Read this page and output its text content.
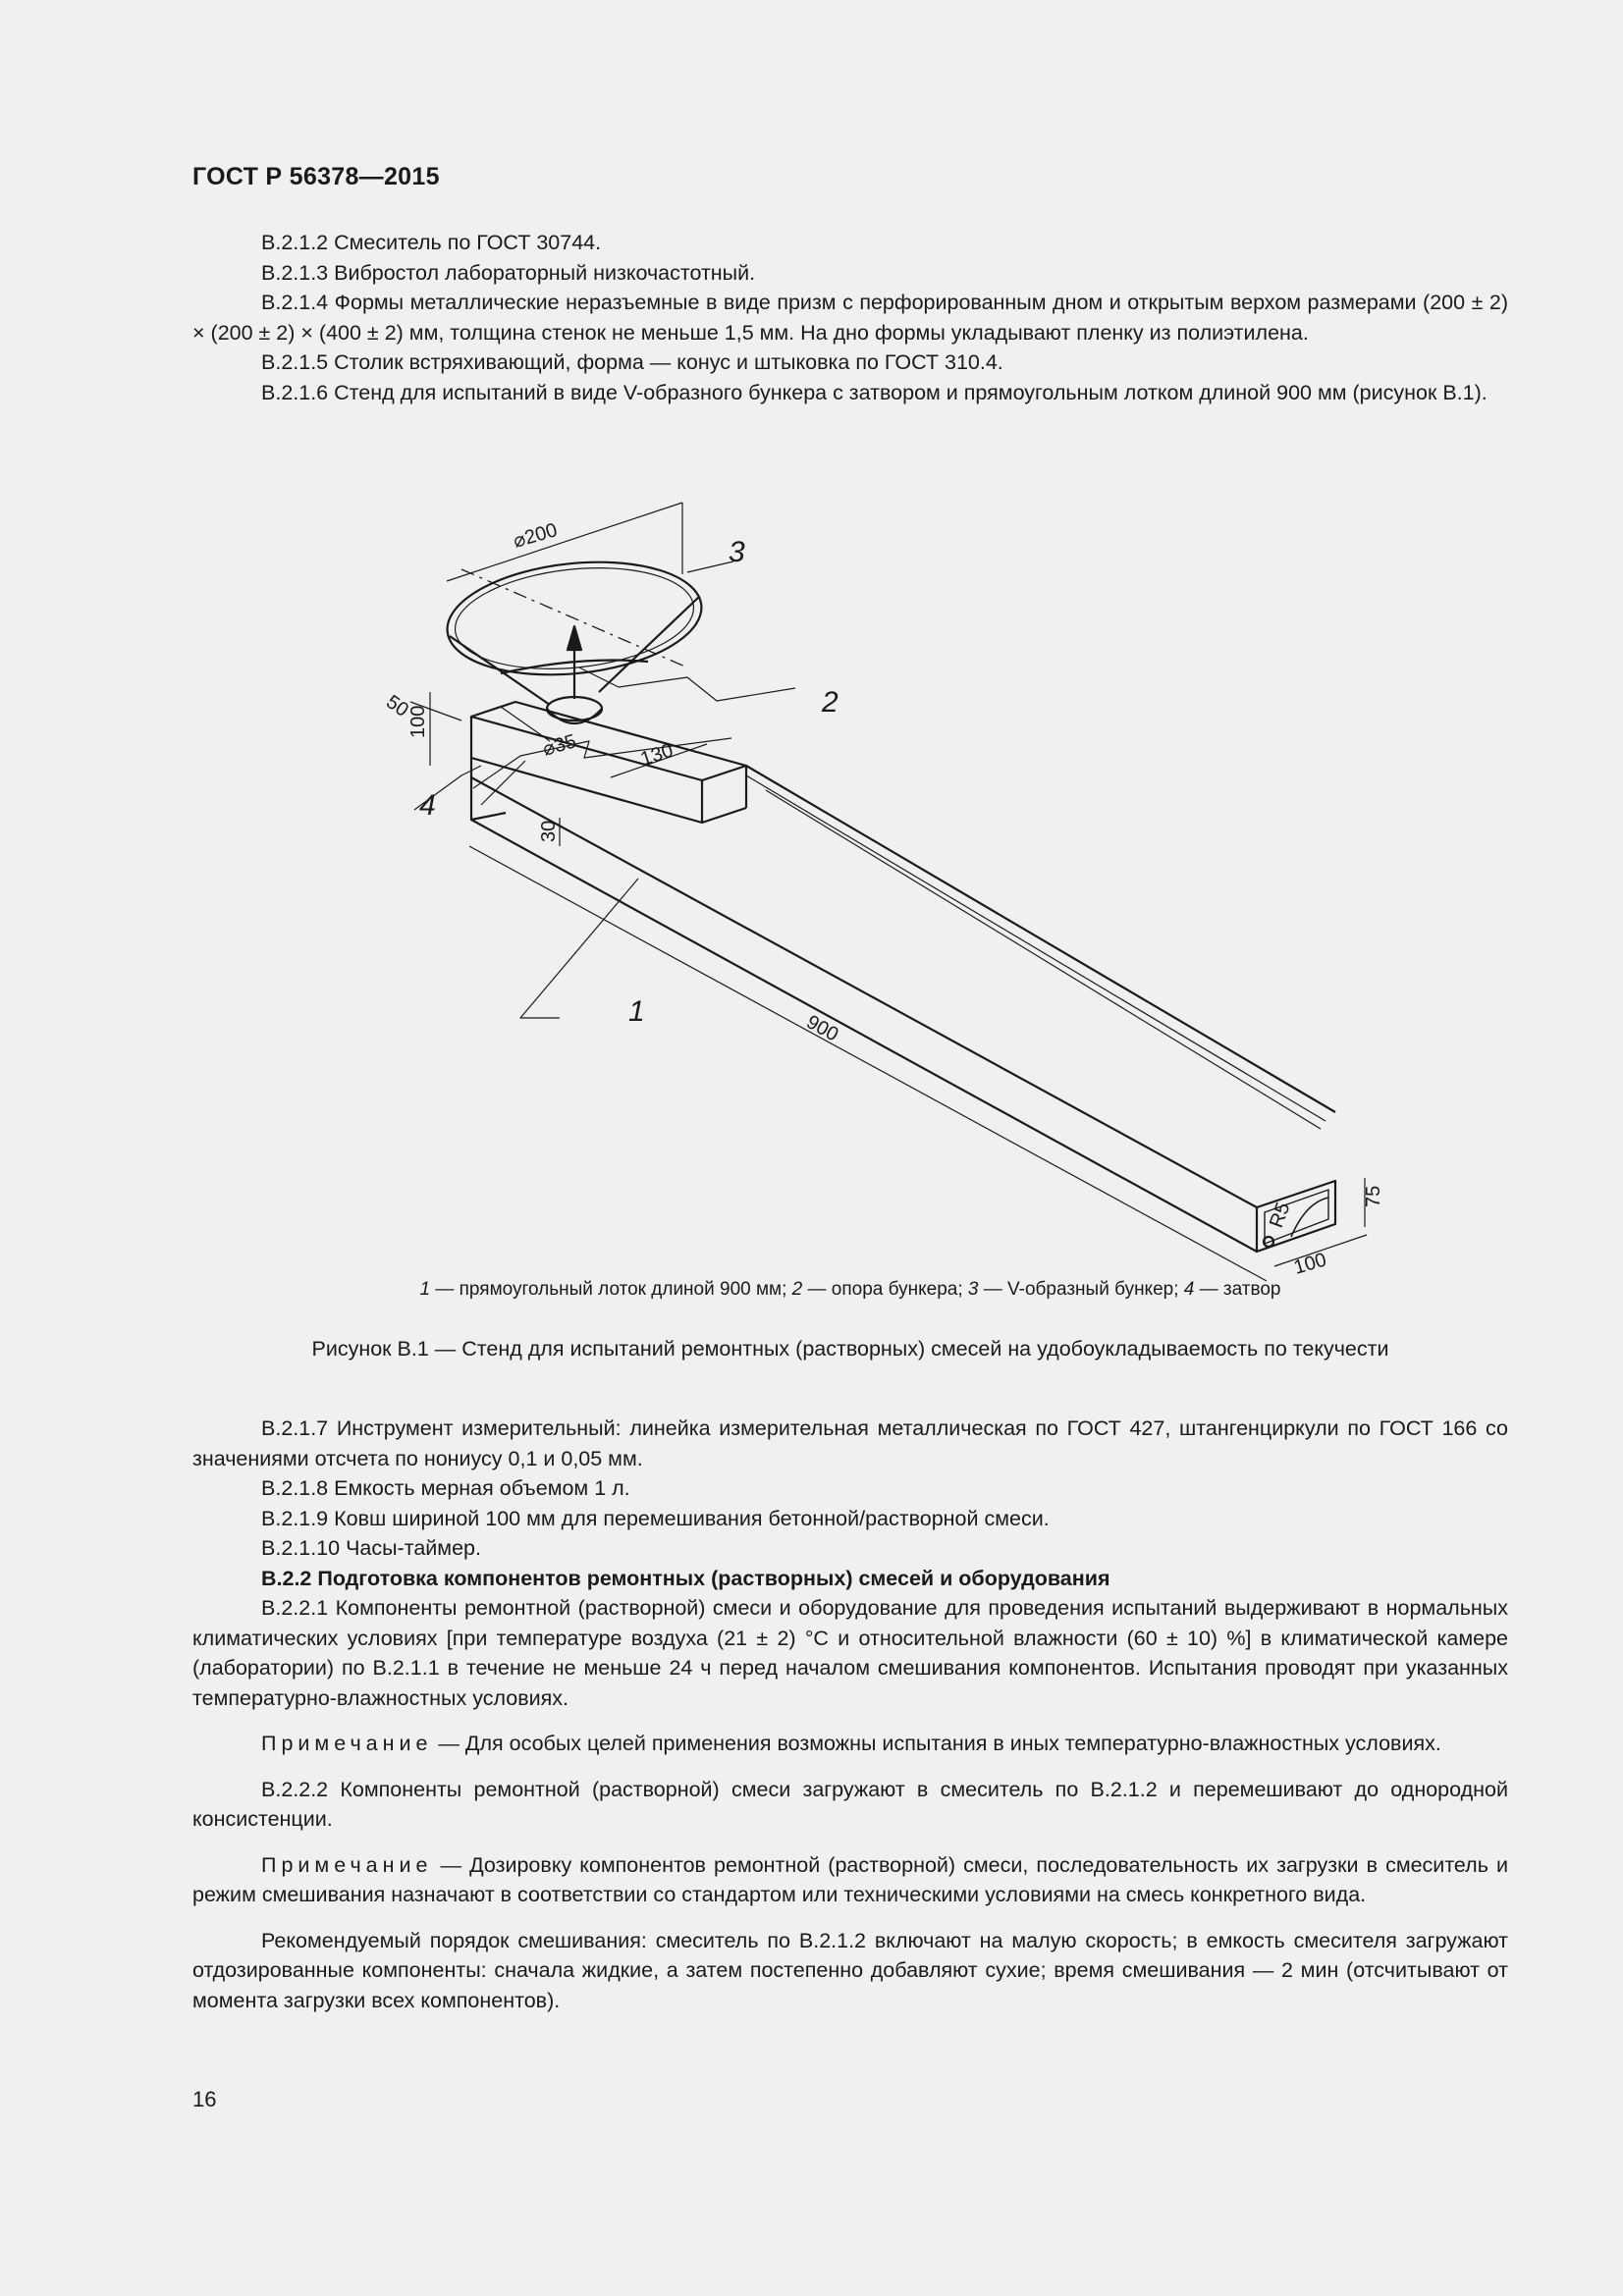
ГОСТ Р 56378—2015

В.2.1.2 Смеситель по ГОСТ 30744.

В.2.1.3 Вибростол лабораторный низкочастотный.

В.2.1.4 Формы металлические неразъемные в виде призм с перфорированным дном и открытым верхом размерами (200 ± 2) × (200 ± 2) × (400 ± 2) мм, толщина стенок не меньше 1,5 мм. На дно формы укладывают пленку из полиэтилена.

В.2.1.5 Столик встряхивающий, форма — конус и штыковка по ГОСТ 310.4.

В.2.1.6 Стенд для испытаний в виде V-образного бункера с затвором и прямоугольным лотком длиной 900 мм (рисунок В.1).

⌀200
⌀35
100
50
130
30
900
75
R5
100
3
2
4
1
1 — прямоугольный лоток длиной 900 мм; 2 — опора бункера; 3 — V-образный бункер; 4 — затвор
Рисунок В.1 — Стенд для испытаний ремонтных (растворных) смесей на удобоукладываемость по текучести

В.2.1.7 Инструмент измерительный: линейка измерительная металлическая по ГОСТ 427, штангенциркули по ГОСТ 166 со значениями отсчета по нониусу 0,1 и 0,05 мм.

В.2.1.8 Емкость мерная объемом 1 л.

В.2.1.9 Ковш шириной 100 мм для перемешивания бетонной/растворной смеси.

В.2.1.10 Часы-таймер.

В.2.2 Подготовка компонентов ремонтных (растворных) смесей и оборудования

В.2.2.1 Компоненты ремонтной (растворной) смеси и оборудование для проведения испытаний выдерживают в нормальных климатических условиях [при температуре воздуха (21 ± 2) °С и относительной влажности (60 ± 10) %] в климатической камере (лаборатории) по В.2.1.1 в течение не меньше 24 ч перед началом смешивания компонентов. Испытания проводят при указанных температурно-влажностных условиях.

Примечание — Для особых целей применения возможны испытания в иных температурно-влажностных условиях.

В.2.2.2 Компоненты ремонтной (растворной) смеси загружают в смеситель по В.2.1.2 и перемешивают до однородной консистенции.

Примечание — Дозировку компонентов ремонтной (растворной) смеси, последовательность их загрузки в смеситель и режим смешивания назначают в соответствии со стандартом или техническими условиями на смесь конкретного вида.

Рекомендуемый порядок смешивания: смеситель по В.2.1.2 включают на малую скорость; в емкость смесителя загружают отдозированные компоненты: сначала жидкие, а затем постепенно добавляют сухие; время смешивания — 2 мин (отсчитывают от момента загрузки всех компонентов).

16
